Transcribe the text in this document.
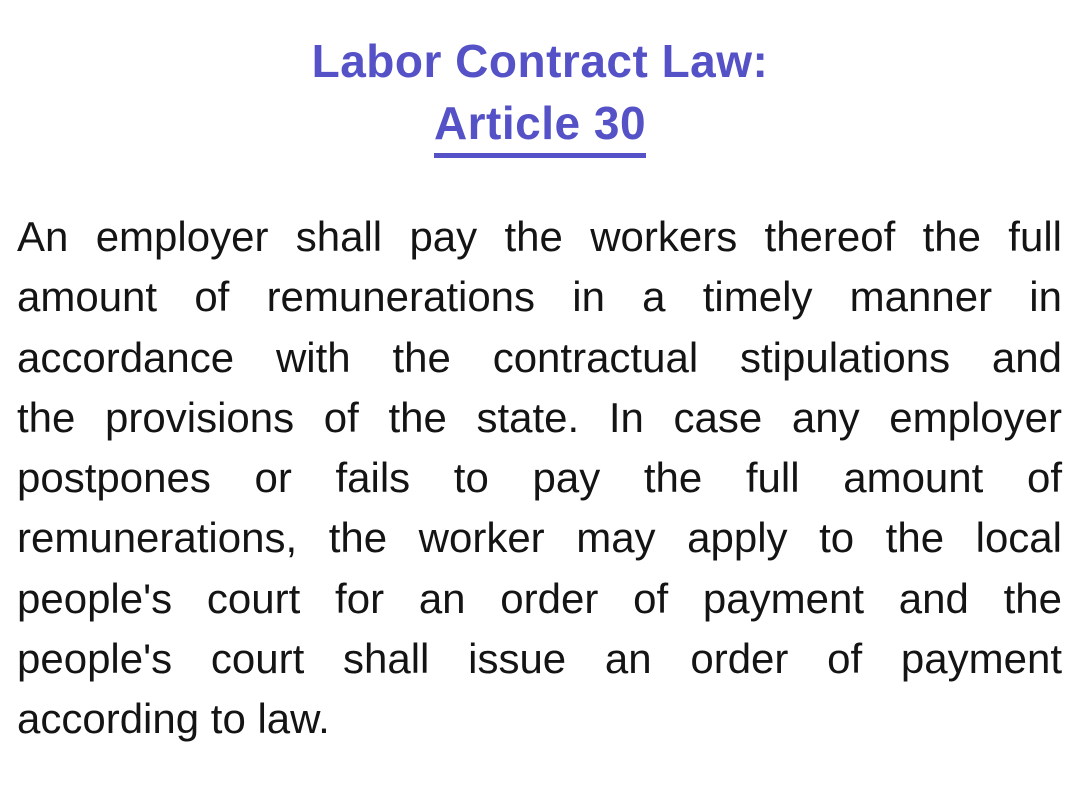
Labor Contract Law:
Article 30
An employer shall pay the workers thereof the full
amount of remunerations in a timely manner in
accordance with the contractual stipulations and
the provisions of the state. In case any employer
postpones or fails to pay the full amount of
remunerations, the worker may apply to the local
people's court for an order of payment and the
people's court shall issue an order of payment
according to law.
